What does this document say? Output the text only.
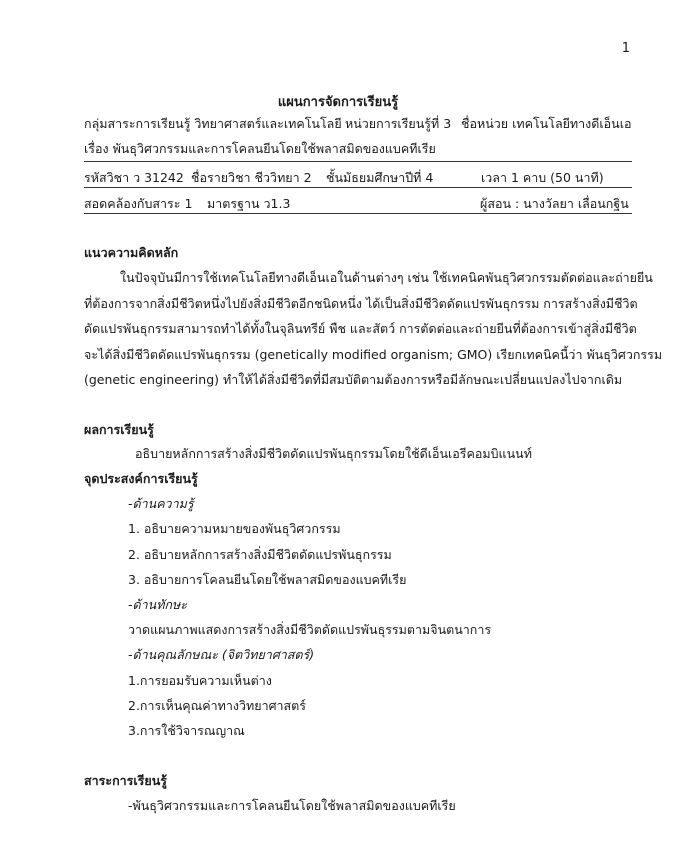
1
แผนการจัดการเรียนรู้
กลุ่มสาระการเรียนรู้ วิทยาศาสตร์และเทคโนโลยี หน่วยการเรียนรู้ที่ 3 ชื่อหน่วย เทคโนโลยีทางดีเอ็นเอ
เรื่อง พันธุวิศวกรรมและการโคลนยีนโดยใช้พลาสมิดของแบคทีเรีย
รหัสวิชา ว 31242 ชื่อรายวิชา ชีววิทยา 2 ชั้นมัธยมศึกษาปีที่ 4	เวลา 1 คาบ (50 นาที)
สอดคล้องกับสาระ 1 มาตรฐาน ว1.3	ผู้สอน : นางวัลยา เลื่อนกฐิน
แนวความคิดหลัก
ในปัจจุบันมีการใช้เทคโนโลยีทางดีเอ็นเอในด้านต่างๆ เช่น ใช้เทคนิคพันธุวิศวกรรมตัดต่อและถ่ายยีน
ที่ต้องการจากสิ่งมีชีวิตหนึ่งไปยังสิ่งมีชีวิตอีกชนิดหนึ่ง ได้เป็นสิ่งมีชีวิตดัดแปรพันธุกรรม การสร้างสิ่งมีชีวิต
ดัดแปรพันธุกรรมสามารถทำได้ทั้งในจุลินทรีย์ พืช และสัตว์ การตัดต่อและถ่ายยีนที่ต้องการเข้าสู่สิ่งมีชีวิต
จะได้สิ่งมีชีวิตดัดแปรพันธุกรรม (genetically modified organism; GMO) เรียกเทคนิคนี้ว่า พันธุวิศวกรรม
(genetic engineering) ทำให้ได้สิ่งมีชีวิตที่มีสมบัติตามต้องการหรือมีลักษณะเปลี่ยนแปลงไปจากเดิม
ผลการเรียนรู้
อธิบายหลักการสร้างสิ่งมีชีวิตดัดแปรพันธุกรรมโดยใช้ดีเอ็นเอรีคอมบิแนนท์
จุดประสงค์การเรียนรู้
-ด้านความรู้
1. อธิบายความหมายของพันธุวิศวกรรม
2. อธิบายหลักการสร้างสิ่งมีชีวิตดัดแปรพันธุกรรม
3. อธิบายการโคลนยีนโดยใช้พลาสมิดของแบคทีเรีย
-ด้านทักษะ
วาดแผนภาพแสดงการสร้างสิ่งมีชีวิตดัดแปรพันธุรรมตามจินตนาการ
-ด้านคุณลักษณะ (จิตวิทยาศาสตร์)
1.การยอมรับความเห็นต่าง
2.การเห็นคุณค่าทางวิทยาศาสตร์
3.การใช้วิจารณญาณ
สาระการเรียนรู้
-พันธุวิศวกรรมและการโคลนยีนโดยใช้พลาสมิดของแบคทีเรีย
